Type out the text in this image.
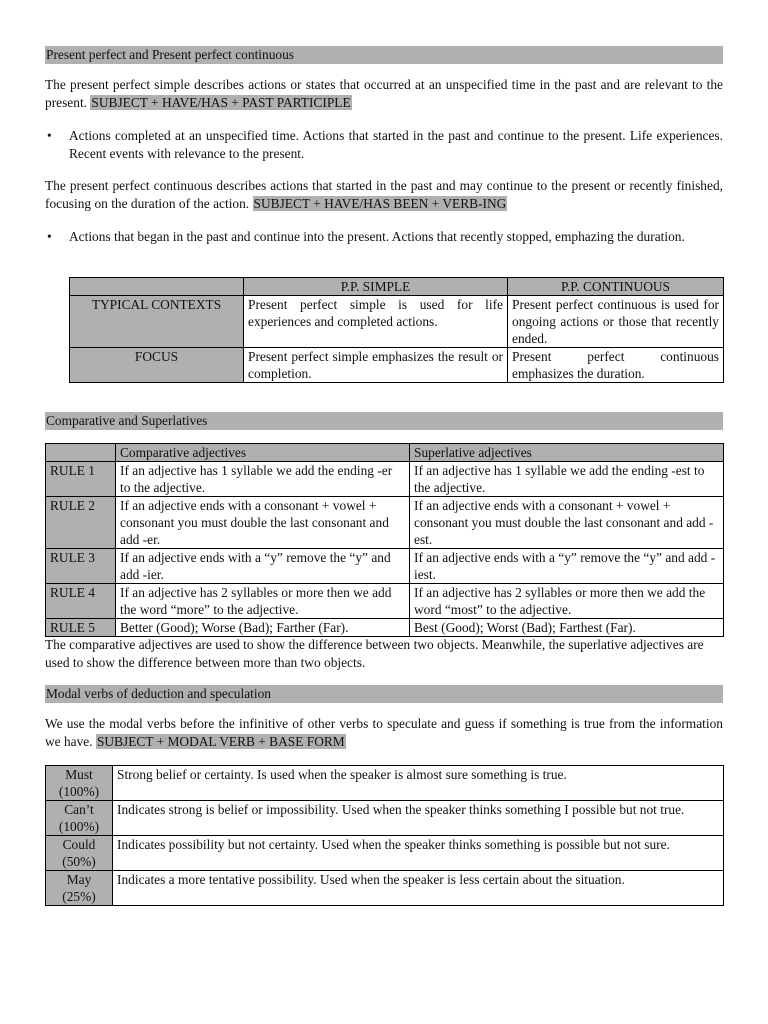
Present perfect and Present perfect continuous
The present perfect simple describes actions or states that occurred at an unspecified time in the past and are relevant to the present. SUBJECT + HAVE/HAS + PAST PARTICIPLE
• Actions completed at an unspecified time. Actions that started in the past and continue to the present. Life experiences. Recent events with relevance to the present.
The present perfect continuous describes actions that started in the past and may continue to the present or recently finished, focusing on the duration of the action. SUBJECT + HAVE/HAS BEEN + VERB-ING
• Actions that began in the past and continue into the present. Actions that recently stopped, emphazing the duration.
	P.P. SIMPLE	P.P. CONTINUOUS
TYPICAL CONTEXTS	Present perfect simple is used for life experiences and completed actions.	Present perfect continuous is used for ongoing actions or those that recently ended.
FOCUS	Present perfect simple emphasizes the result or completion.	Present perfect continuous emphasizes the duration.
Comparative and Superlatives
	Comparative adjectives	Superlative adjectives
RULE 1	If an adjective has 1 syllable we add the ending -er to the adjective.	If an adjective has 1 syllable we add the ending -est to the adjective.
RULE 2	If an adjective ends with a consonant + vowel + consonant you must double the last consonant and add -er.	If an adjective ends with a consonant + vowel + consonant you must double the last consonant and add -est.
RULE 3	If an adjective ends with a “y” remove the “y” and add -ier.	If an adjective ends with a “y” remove the “y” and add -iest.
RULE 4	If an adjective has 2 syllables or more then we add the word “more” to the adjective.	If an adjective has 2 syllables or more then we add the word “most” to the adjective.
RULE 5	Better (Good); Worse (Bad); Farther (Far).	Best (Good); Worst (Bad); Farthest (Far).
The comparative adjectives are used to show the difference between two objects. Meanwhile, the superlative adjectives are used to show the difference between more than two objects.
Modal verbs of deduction and speculation
We use the modal verbs before the infinitive of other verbs to speculate and guess if something is true from the information we have. SUBJECT + MODAL VERB + BASE FORM
Must
(100%)	Strong belief or certainty. Is used when the speaker is almost sure something is true.

Can’t
(100%)	Indicates strong is belief or impossibility. Used when the speaker thinks something I possible but not true.

Could
(50%)	Indicates possibility but not certainty. Used when the speaker thinks something is possible but not sure.

May
(25%)	Indicates a more tentative possibility. Used when the speaker is less certain about the situation.
